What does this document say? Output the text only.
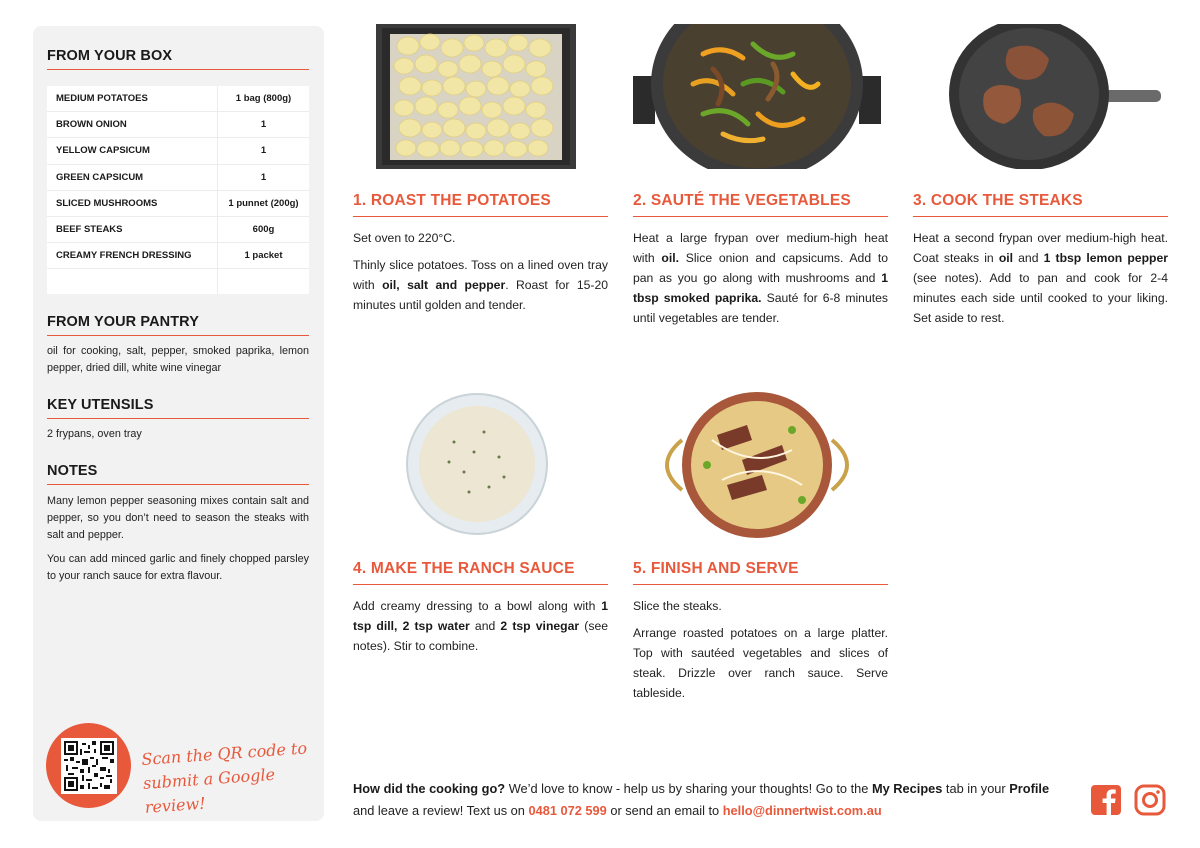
FROM YOUR BOX
MEDIUM POTATOES	1 bag (800g)
BROWN ONION	1
YELLOW CAPSICUM	1
GREEN CAPSICUM	1
SLICED MUSHROOMS	1 punnet (200g)
BEEF STEAKS	600g
CREAMY FRENCH DRESSING	1 packet
FROM YOUR PANTRY
oil for cooking, salt, pepper, smoked paprika, lemon pepper, dried dill, white wine vinegar
KEY UTENSILS
2 frypans, oven tray
NOTES
Many lemon pepper seasoning mixes contain salt and pepper, so you don’t need to season the steaks with salt and pepper.
You can add minced garlic and finely chopped parsley to your ranch sauce for extra flavour.
Scan the QR code to
submit a Google review!
1. ROAST THE POTATOES

Set oven to 220°C.

Thinly slice potatoes. Toss on a lined oven tray with oil, salt and pepper. Roast for 15-20 minutes until golden and tender.

2. SAUTÉ THE VEGETABLES

Heat a large frypan over medium-high heat with oil. Slice onion and capsicums. Add to pan as you go along with mushrooms and 1 tbsp smoked paprika. Sauté for 6-8 minutes until vegetables are tender.

3. COOK THE STEAKS

Heat a second frypan over medium-high heat. Coat steaks in oil and 1 tbsp lemon pepper (see notes). Add to pan and cook for 2-4 minutes each side until cooked to your liking. Set aside to rest.

4. MAKE THE RANCH SAUCE

Add creamy dressing to a bowl along with 1 tsp dill, 2 tsp water and 2 tsp vinegar (see notes). Stir to combine.

5. FINISH AND SERVE

Slice the steaks.

Arrange roasted potatoes on a large platter. Top with sautéed vegetables and slices of steak. Drizzle over ranch sauce. Serve tableside.

How did the cooking go? We’d love to know - help us by sharing your thoughts! Go to the My Recipes tab in your Profile and leave a review! Text us on 0481 072 599 or send an email to hello@dinnertwist.com.au
